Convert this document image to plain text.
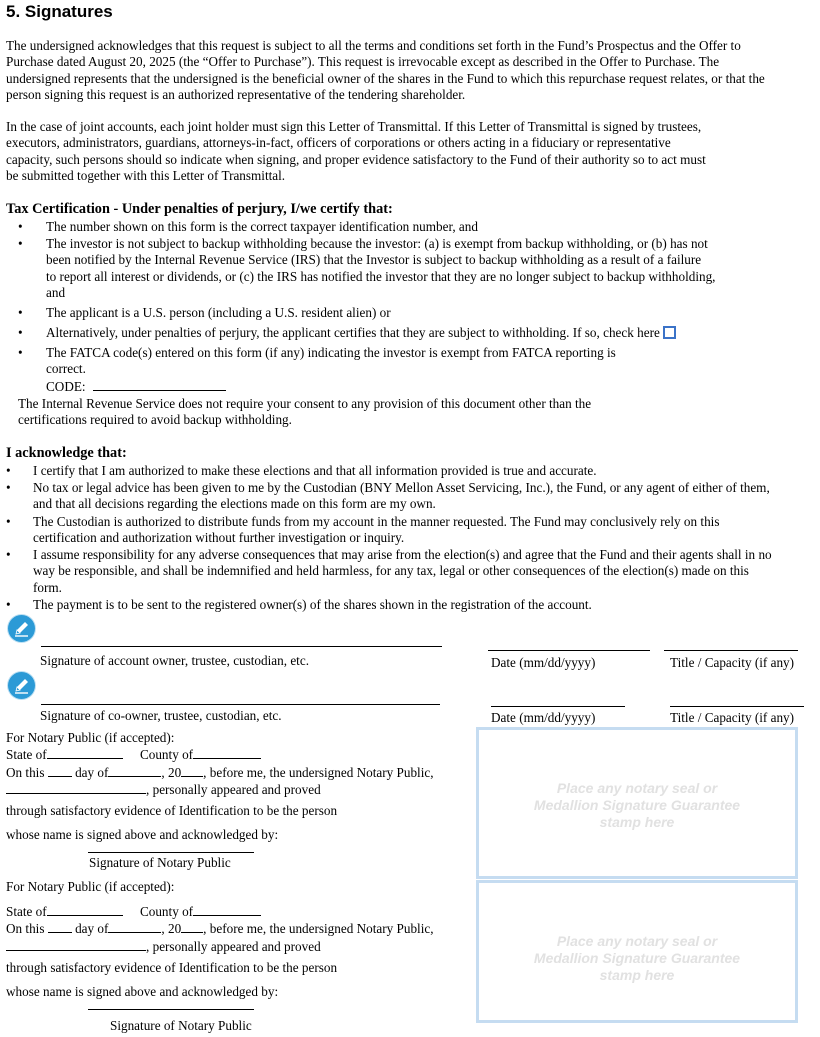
5. Signatures
The undersigned acknowledges that this request is subject to all the terms and conditions set forth in the Fund’s Prospectus and the Offer to
Purchase dated August 20, 2025 (the “Offer to Purchase”). This request is irrevocable except as described in the Offer to Purchase. The
undersigned represents that the undersigned is the beneficial owner of the shares in the Fund to which this repurchase request relates, or that the
person signing this request is an authorized representative of the tendering shareholder.
In the case of joint accounts, each joint holder must sign this Letter of Transmittal. If this Letter of Transmittal is signed by trustees,
executors, administrators, guardians, attorneys-in-fact, officers of corporations or others acting in a fiduciary or representative
capacity, such persons should so indicate when signing, and proper evidence satisfactory to the Fund of their authority so to act must
be submitted together with this Letter of Transmittal.
Tax Certification - Under penalties of perjury, I/we certify that:
• The number shown on this form is the correct taxpayer identification number, and
• The investor is not subject to backup withholding because the investor: (a) is exempt from backup withholding, or (b) has not
been notified by the Internal Revenue Service (IRS) that the Investor is subject to backup withholding as a result of a failure
to report all interest or dividends, or (c) the IRS has notified the investor that they are no longer subject to backup withholding,
and
• The applicant is a U.S. person (including a U.S. resident alien) or
• Alternatively, under penalties of perjury, the applicant certifies that they are subject to withholding. If so, check here
• The FATCA code(s) entered on this form (if any) indicating the investor is exempt from FATCA reporting is
correct.
CODE:
The Internal Revenue Service does not require your consent to any provision of this document other than the
certifications required to avoid backup withholding.
I acknowledge that:
• I certify that I am authorized to make these elections and that all information provided is true and accurate.
• No tax or legal advice has been given to me by the Custodian (BNY Mellon Asset Servicing, Inc.), the Fund, or any agent of either of them,
and that all decisions regarding the elections made on this form are my own.
• The Custodian is authorized to distribute funds from my account in the manner requested. The Fund may conclusively rely on this
certification and authorization without further investigation or inquiry.
• I assume responsibility for any adverse consequences that may arise from the election(s) and agree that the Fund and their agents shall in no
way be responsible, and shall be indemnified and held harmless, for any tax, legal or other consequences of the election(s) made on this
form.
• The payment is to be sent to the registered owner(s) of the shares shown in the registration of the account.
Signature of account owner, trustee, custodian, etc.	Date (mm/dd/yyyy)	Title / Capacity (if any)
Signature of co-owner, trustee, custodian, etc.	Date (mm/dd/yyyy)	Title / Capacity (if any)
For Notary Public (if accepted):
State of	County of
On this day of	, 20 , before me, the undersigned Notary Public,
, personally appeared and proved
through satisfactory evidence of Identification to be the person
whose name is signed above and acknowledged by:
Signature of Notary Public
For Notary Public (if accepted):
State of	County of
On this day of	, 20 , before me, the undersigned Notary Public,
, personally appeared and proved
through satisfactory evidence of Identification to be the person
whose name is signed above and acknowledged by:
Signature of Notary Public
Place any notary seal or
Medallion Signature Guarantee
stamp here
Place any notary seal or
Medallion Signature Guarantee
stamp here
